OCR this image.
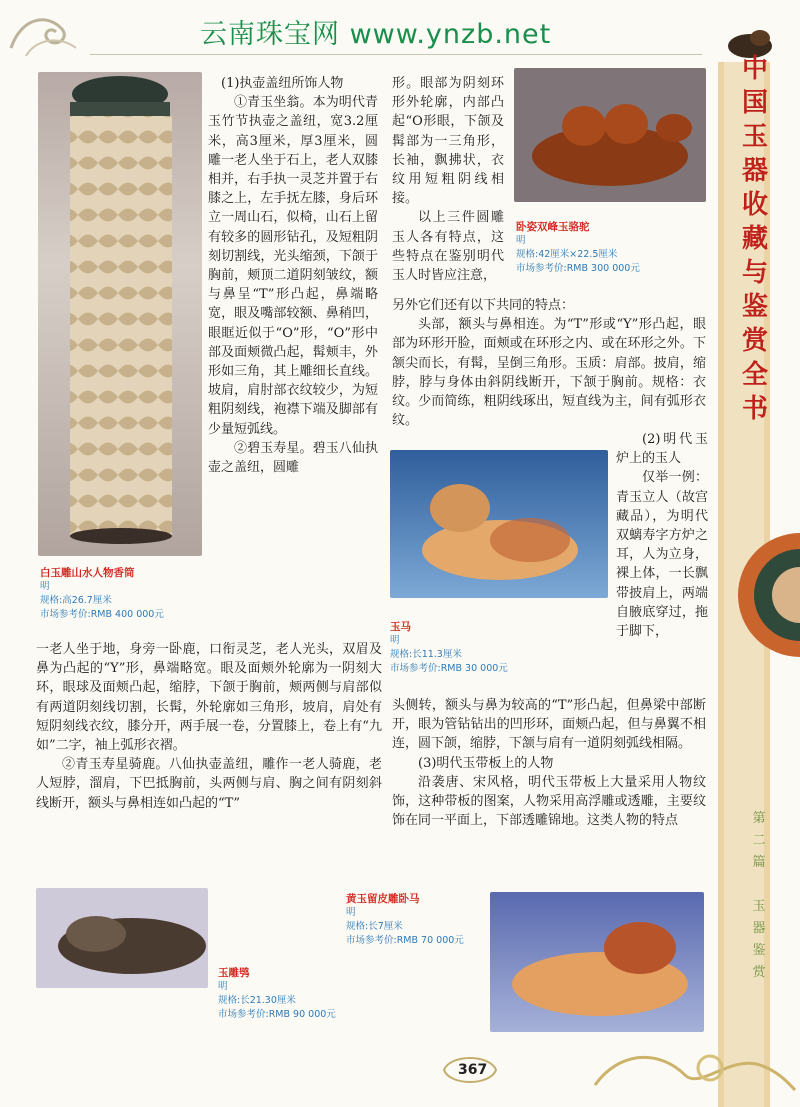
云南珠宝网 www.ynzb.net
中
国
玉
器
收
藏
与
鉴
赏
全
书
第
二
篇
玉
器
鉴
赏
白玉雕山水人物香筒
明
规格:高26.7厘米
市场参考价:RMB 400 000元

(1)执壶盖纽所饰人物

①青玉坐翁。本为明代青玉竹节执壶之盖纽，宽3.2厘米，高3厘米，厚3厘米，圆雕一老人坐于石上，老人双膝相并，右手执一灵芝并置于右膝之上，左手抚左膝，身后环立一周山石，似椅，山石上留有较多的圆形钻孔，及短粗阴刻切割线，光头缩颈，下颌于胸前，颊顶二道阴刻皱纹，额与鼻呈“T”形凸起，鼻端略宽，眼及嘴部较额、鼻稍凹，眼眶近似于“O”形，“O”形中部及面颊微凸起，髯颊丰，外形如三角，其上雕细长直线。坡肩，肩肘部衣纹较少，为短粗阴刻线，袍襟下端及脚部有少量短弧线。

②碧玉寿星。碧玉八仙执壶之盖纽，圆雕

形。眼部为阴刻环形外轮廓，内部凸起“O形眼，下颌及髯部为一三角形，长袖，飘拂状，衣纹用短粗阴线相接。

以上三件圆雕玉人各有特点，这些特点在鉴别明代玉人时皆应注意，

卧姿双峰玉骆驼
明
规格:42厘米×22.5厘米
市场参考价:RMB 300 000元

另外它们还有以下共同的特点：

头部，额头与鼻相连。为“T”形或“Y”形凸起，眼部为环形开脸，面颊或在环形之内、或在环形之外。下颔尖而长，有髯，呈倒三角形。玉质：肩部。披肩，缩脖，脖与身体由斜阴线断开，下颔于胸前。规格：衣纹。少而简练，粗阴线琢出，短直线为主，间有弧形衣纹。

玉马
明
规格:长11.3厘米
市场参考价:RMB 30 000元

(2)明代玉炉上的玉人

仅举一例：青玉立人（故宫藏品），为明代双螭寿字方炉之耳，人为立身，裸上体，一长飘带披肩上，两端自腋底穿过，拖于脚下，

一老人坐于地，身旁一卧鹿，口衔灵芝，老人光头，双眉及鼻为凸起的“Y”形，鼻端略宽。眼及面颊外轮廓为一阴刻大环，眼球及面颊凸起，缩脖，下颌于胸前，颊两侧与肩部似有两道阴刻线切割，长髯，外轮廓如三角形，坡肩，肩处有短阴刻线衣纹，膝分开，两手展一卷，分置膝上，卷上有“九如”二字，袖上弧形衣褶。

②青玉寿星骑鹿。八仙执壶盖纽，雕作一老人骑鹿，老人短脖，溜肩，下巴抵胸前，头两侧与肩、胸之间有阴刻斜线断开，额头与鼻相连如凸起的“T”

头侧转，额头与鼻为较高的“T”形凸起，但鼻梁中部断开，眼为管钻钻出的凹形环，面颊凸起，但与鼻翼不相连，圆下颌，缩脖，下颔与肩有一道阴刻弧线相隔。

(3)明代玉带板上的人物

沿袭唐、宋风格，明代玉带板上大量采用人物纹饰，这种带板的图案，人物采用高浮雕或透雕，主要纹饰在同一平面上，下部透雕锦地。这类人物的特点

玉雕鸮
明
规格:长21.30厘米
市场参考价:RMB 90 000元
黄玉留皮雕卧马
明
规格:长7厘米
市场参考价:RMB 70 000元
367
